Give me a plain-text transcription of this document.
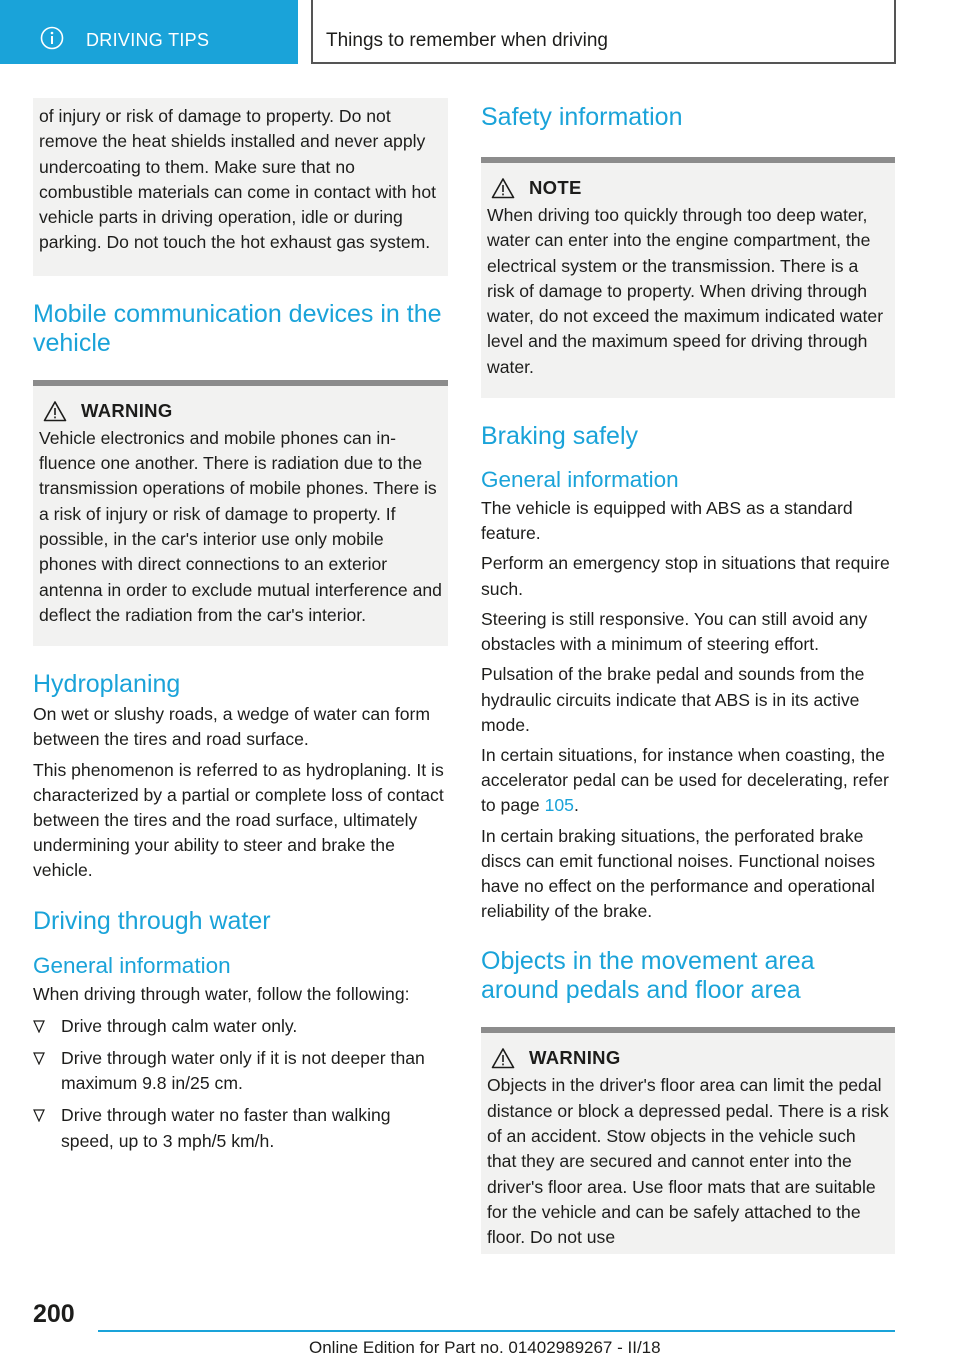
DRIVING TIPS	Things to remember when driving
of injury or risk of damage to property. Do not remove the heat shields installed and never apply undercoating to them. Make sure that no combustible materials can come in contact with hot vehicle parts in driving operation, idle or during parking. Do not touch the hot exhaust gas system.
Mobile communication devices in the vehicle
WARNING
Vehicle electronics and mobile phones can influence one another. There is radiation due to the transmission operations of mobile phones. There is a risk of injury or risk of damage to property. If possible, in the car's interior use only mobile phones with direct connections to an exterior antenna in order to exclude mutual interference and deflect the radiation from the car's interior.
Hydroplaning

On wet or slushy roads, a wedge of water can form between the tires and road surface.

This phenomenon is referred to as hydroplaning. It is characterized by a partial or complete loss of contact between the tires and the road surface, ultimately undermining your ability to steer and brake the vehicle.

Driving through water
General information

When driving through water, follow the following:

Drive through calm water only.
Drive through water only if it is not deeper than maximum 9.8 in/25 cm.
Drive through water no faster than walking speed, up to 3 mph/5 km/h.
Safety information
NOTE
When driving too quickly through too deep water, water can enter into the engine compartment, the electrical system or the transmission. There is a risk of damage to property. When driving through water, do not exceed the maximum indicated water level and the maximum speed for driving through water.
Braking safely
General information

The vehicle is equipped with ABS as a standard feature.

Perform an emergency stop in situations that require such.

Steering is still responsive. You can still avoid any obstacles with a minimum of steering effort.

Pulsation of the brake pedal and sounds from the hydraulic circuits indicate that ABS is in its active mode.

In certain situations, for instance when coasting, the accelerator pedal can be used for decelerating, refer to page 105.

In certain braking situations, the perforated brake discs can emit functional noises. Functional noises have no effect on the performance and operational reliability of the brake.

Objects in the movement area around pedals and floor area
WARNING
Objects in the driver's floor area can limit the pedal distance or block a depressed pedal. There is a risk of an accident. Stow objects in the vehicle such that they are secured and cannot enter into the driver's floor area. Use floor mats that are suitable for the vehicle and can be safely attached to the floor. Do not use
200
Online Edition for Part no. 01402989267 - II/18
